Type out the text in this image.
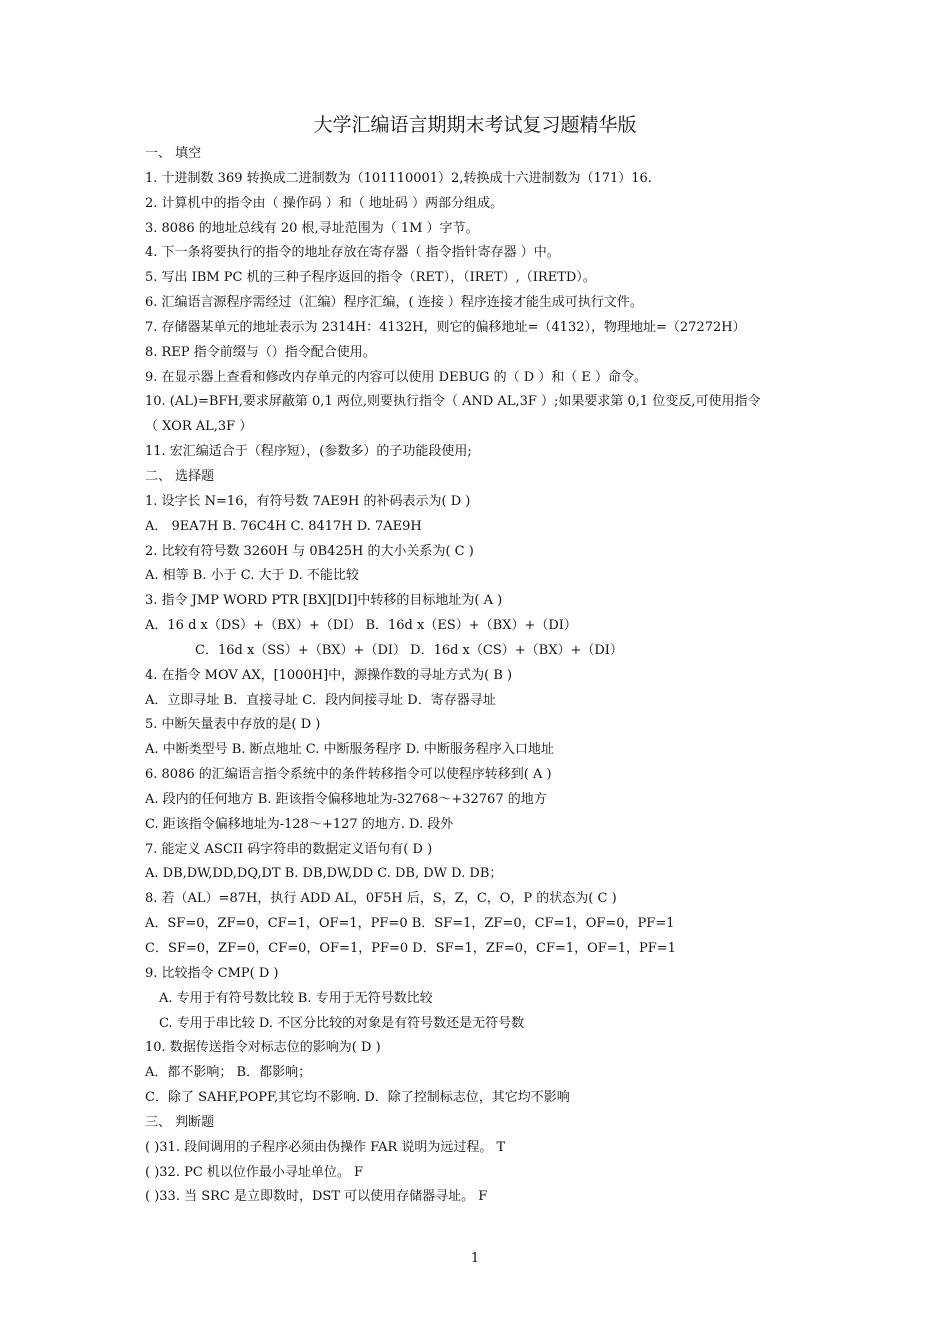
大学汇编语言期期末考试复习题精华版
一、 填空
1. 十进制数 369 转换成二进制数为（101110001）2,转换成十六进制数为（171）16.
2. 计算机中的指令由（ 操作码 ）和（ 地址码 ）两部分组成。
3. 8086 的地址总线有 20 根,寻址范围为（ 1M ）字节。
4. 下一条将要执行的指令的地址存放在寄存器（ 指令指针寄存器 ）中。
5. 写出 IBM PC 机的三种子程序返回的指令（RET），（IRET）,（IRETD）。
6. 汇编语言源程序需经过（汇编）程序汇编，( 连接 ）程序连接才能生成可执行文件。
7. 存储器某单元的地址表示为 2314H：4132H，则它的偏移地址=（4132），物理地址=（27272H）
8. REP 指令前缀与（）指令配合使用。
9. 在显示器上查看和修改内存单元的内容可以使用 DEBUG 的（ D ）和（ E ）命令。
10. (AL)=BFH,要求屏蔽第 0,1 两位,则要执行指令（ AND AL,3F ）;如果要求第 0,1 位变反,可使用指令
（ XOR AL,3F ）
11. 宏汇编适合于（程序短），(参数多）的子功能段使用;
二、 选择题
1. 设字长 N=16，有符号数 7AE9H 的补码表示为( D )
A． 9EA7H B. 76C4H C. 8417H D. 7AE9H
2. 比较有符号数 3260H 与 0B425H 的大小关系为( C )
A. 相等 B. 小于 C. 大于 D. 不能比较
3. 指令 JMP WORD PTR [BX][DI]中转移的目标地址为( A )
A．16 d x（DS）+（BX）+（DI） B．16d x（ES）+（BX）+（DI）
C．16d x（SS）+（BX）+（DI） D．16d x（CS）+（BX）+（DI）
4. 在指令 MOV AX，[1000H]中，源操作数的寻址方式为( B )
A．立即寻址 B．直接寻址 C．段内间接寻址 D．寄存器寻址
5. 中断矢量表中存放的是( D )
A. 中断类型号 B. 断点地址 C. 中断服务程序 D. 中断服务程序入口地址
6. 8086 的汇编语言指令系统中的条件转移指令可以使程序转移到( A )
A. 段内的任何地方 B. 距该指令偏移地址为-32768～+32767 的地方
C. 距该指令偏移地址为-128～+127 的地方. D. 段外
7. 能定义 ASCII 码字符串的数据定义语句有( D )
A. DB,DW,DD,DQ,DT B. DB,DW,DD C. DB, DW D. DB；
8. 若（AL）=87H，执行 ADD AL，0F5H 后，S，Z，C，O，P 的状态为( C )
A．SF=0，ZF=0，CF=1，OF=1，PF=0 B．SF=1，ZF=0，CF=1，OF=0，PF=1
C．SF=0，ZF=0，CF=0，OF=1，PF=0 D．SF=1，ZF=0，CF=1，OF=1，PF=1
9. 比较指令 CMP( D )
A. 专用于有符号数比较 B. 专用于无符号数比较
C. 专用于串比较 D. 不区分比较的对象是有符号数还是无符号数
10. 数据传送指令对标志位的影响为( D )
A．都不影响； B．都影响；
C．除了 SAHF,POPF,其它均不影响. D．除了控制标志位，其它均不影响
三、 判断题
( )31. 段间调用的子程序必须由伪操作 FAR 说明为远过程。 T
( )32. PC 机以位作最小寻址单位。 F
( )33. 当 SRC 是立即数时，DST 可以使用存储器寻址。 F
1
